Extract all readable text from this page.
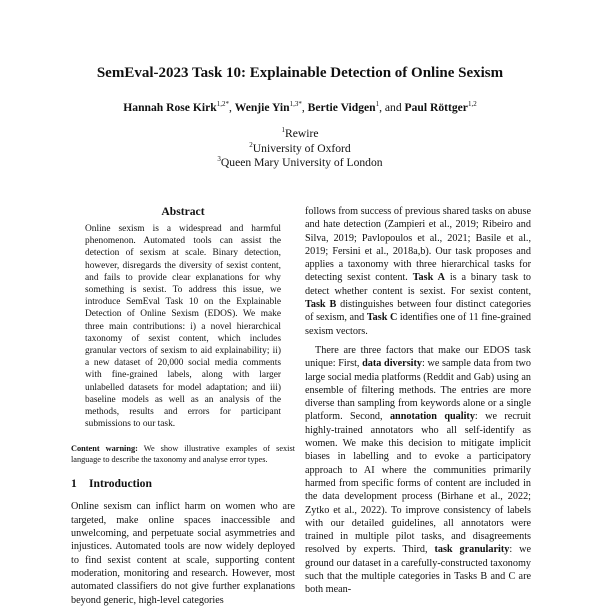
SemEval-2023 Task 10: Explainable Detection of Online Sexism
Hannah Rose Kirk$^{1,2*}$, Wenjie Yin$^{1,3*}$, Bertie Vidgen$^1$, and Paul Röttger$^{1,2}$
$^1$Rewire
$^2$University of Oxford
$^3$Queen Mary University of London
Abstract
Online sexism is a widespread and harmful phenomenon. Automated tools can assist the detection of sexism at scale. Binary detection, however, disregards the diversity of sexist content, and fails to provide clear explanations for why something is sexist. To address this issue, we introduce SemEval Task 10 on the Explainable Detection of Online Sexism (EDOS). We make three main contributions: i) a novel hierarchical taxonomy of sexist content, which includes granular vectors of sexism to aid explainability; ii) a new dataset of 20,000 social media comments with fine-grained labels, along with larger unlabelled datasets for model adaptation; and iii) baseline models as well as an analysis of the methods, results and errors for participant submissions to our task.
Content warning: We show illustrative examples of sexist language to describe the taxonomy and analyse error types.
1 Introduction
Online sexism can inflict harm on women who are targeted, make online spaces inaccessible and unwelcoming, and perpetuate social asymmetries and injustices. Automated tools are now widely deployed to find sexist content at scale, supporting content moderation, monitoring and research. However, most automated classifiers do not give further explanations beyond generic, high-level categories

follows from success of previous shared tasks on abuse and hate detection (Zampieri et al., 2019; Ribeiro and Silva, 2019; Pavlopoulos et al., 2021; Basile et al., 2019; Fersini et al., 2018a,b). Our task proposes and applies a taxonomy with three hierarchical tasks for detecting sexist content. Task A is a binary task to detect whether content is sexist. For sexist content, Task B distinguishes between four distinct categories of sexism, and Task C identifies one of 11 fine-grained sexism vectors.

There are three factors that make our EDOS task unique: First, data diversity: we sample data from two large social media platforms (Reddit and Gab) using an ensemble of filtering methods. The entries are more diverse than sampling from keywords alone or a single platform. Second, annotation quality: we recruit highly-trained annotators who all self-identify as women. We make this decision to mitigate implicit biases in labelling and to evoke a participatory approach to AI where the communities primarily harmed from specific forms of content are included in the data development process (Birhane et al., 2022; Zytko et al., 2022). To improve consistency of labels with our detailed guidelines, all annotators were trained in multiple pilot tasks, and disagreements resolved by experts. Third, task granularity: we ground our dataset in a carefully-constructed taxonomy such that the multiple categories in Tasks B and C are both mean-
